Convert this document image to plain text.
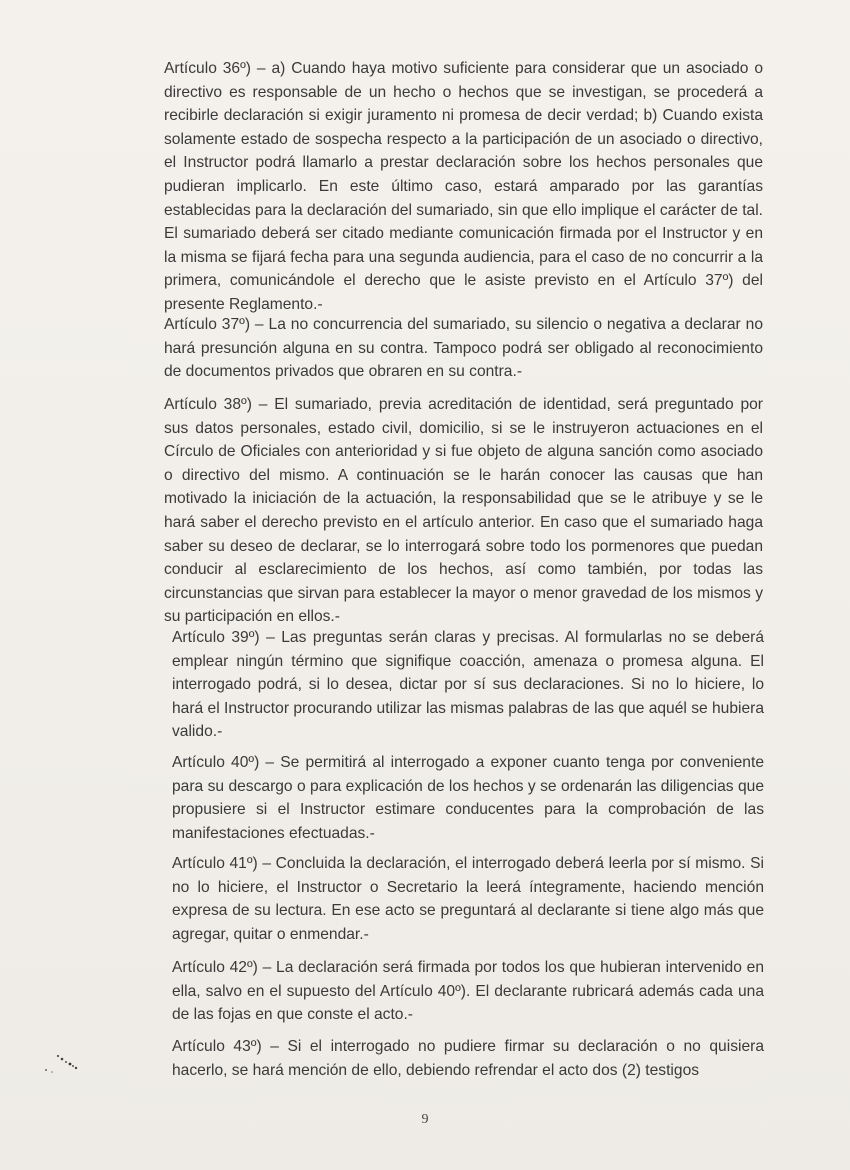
Artículo 36º) – a) Cuando haya motivo suficiente para considerar que un asociado o directivo es responsable de un hecho o hechos que se investigan, se procederá a recibirle declaración si exigir juramento ni promesa de decir verdad; b) Cuando exista solamente estado de sospecha respecto a la participación de un asociado o directivo, el Instructor podrá llamarlo a prestar declaración sobre los hechos personales que pudieran implicarlo. En este último caso, estará amparado por las garantías establecidas para la declaración del sumariado, sin que ello implique el carácter de tal. El sumariado deberá ser citado mediante comunicación firmada por el Instructor y en la misma se fijará fecha para una segunda audiencia, para el caso de no concurrir a la primera, comunicándole el derecho que le asiste previsto en el Artículo 37º) del presente Reglamento.-

Artículo 37º) – La no concurrencia del sumariado, su silencio o negativa a declarar no hará presunción alguna en su contra. Tampoco podrá ser obligado al reconocimiento de documentos privados que obraren en su contra.-

Artículo 38º) – El sumariado, previa acreditación de identidad, será preguntado por sus datos personales, estado civil, domicilio, si se le instruyeron actuaciones en el Círculo de Oficiales con anterioridad y si fue objeto de alguna sanción como asociado o directivo del mismo. A continuación se le harán conocer las causas que han motivado la iniciación de la actuación, la responsabilidad que se le atribuye y se le hará saber el derecho previsto en el artículo anterior. En caso que el sumariado haga saber su deseo de declarar, se lo interrogará sobre todo los pormenores que puedan conducir al esclarecimiento de los hechos, así como también, por todas las circunstancias que sirvan para establecer la mayor o menor gravedad de los mismos y su participación en ellos.-

Artículo 39º) – Las preguntas serán claras y precisas. Al formularlas no se deberá emplear ningún término que signifique coacción, amenaza o promesa alguna. El interrogado podrá, si lo desea, dictar por sí sus declaraciones. Si no lo hiciere, lo hará el Instructor procurando utilizar las mismas palabras de las que aquél se hubiera valido.-

Artículo 40º) – Se permitirá al interrogado a exponer cuanto tenga por conveniente para su descargo o para explicación de los hechos y se ordenarán las diligencias que propusiere si el Instructor estimare conducentes para la comprobación de las manifestaciones efectuadas.-

Artículo 41º) – Concluida la declaración, el interrogado deberá leerla por sí mismo. Si no lo hiciere, el Instructor o Secretario la leerá íntegramente, haciendo mención expresa de su lectura. En ese acto se preguntará al declarante si tiene algo más que agregar, quitar o enmendar.-

Artículo 42º) – La declaración será firmada por todos los que hubieran intervenido en ella, salvo en el supuesto del Artículo 40º). El declarante rubricará además cada una de las fojas en que conste el acto.-

Artículo 43º) – Si el interrogado no pudiere firmar su declaración o no quisiera hacerlo, se hará mención de ello, debiendo refrendar el acto dos (2) testigos

9
